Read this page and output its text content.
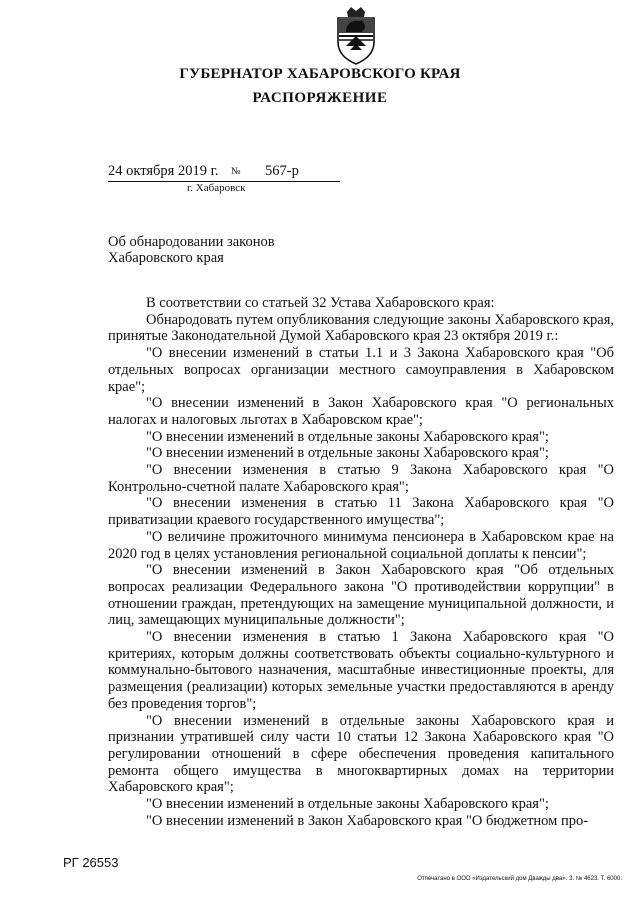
ГУБЕРНАТОР ХАБАРОВСКОГО КРАЯ
РАСПОРЯЖЕНИЕ
24 октября 2019 г. № 567-р
г. Хабаровск
Об обнародовании законов
Хабаровского края

В соответствии со статьей 32 Устава Хабаровского края:

Обнародовать путем опубликования следующие законы Хабаровского края, принятые Законодательной Думой Хабаровского края 23 октября 2019 г.:

"О внесении изменений в статьи 1.1 и 3 Закона Хабаровского края "Об отдельных вопросах организации местного самоуправления в Хабаровском крае";

"О внесении изменений в Закон Хабаровского края "О региональных налогах и налоговых льготах в Хабаровском крае";

"О внесении изменений в отдельные законы Хабаровского края";

"О внесении изменений в отдельные законы Хабаровского края";

"О внесении изменения в статью 9 Закона Хабаровского края "О Контрольно-счетной палате Хабаровского края";

"О внесении изменения в статью 11 Закона Хабаровского края "О приватизации краевого государственного имущества";

"О величине прожиточного минимума пенсионера в Хабаровском крае на 2020 год в целях установления региональной социальной доплаты к пенсии";

"О внесении изменений в Закон Хабаровского края "Об отдельных вопросах реализации Федерального закона "О противодействии коррупции" в отношении граждан, претендующих на замещение муниципальной должности, и лиц, замещающих муниципальные должности";

"О внесении изменения в статью 1 Закона Хабаровского края "О критериях, которым должны соответствовать объекты социально-культурного и коммунально-бытового назначения, масштабные инвестиционные проекты, для размещения (реализации) которых земельные участки предоставляются в аренду без проведения торгов";

"О внесении изменений в отдельные законы Хабаровского края и признании утратившей силу части 10 статьи 12 Закона Хабаровского края "О регулировании отношений в сфере обеспечения проведения капитального ремонта общего имущества в многоквартирных домах на территории Хабаровского края";

"О внесении изменений в отдельные законы Хабаровского края";

"О внесении изменений в Закон Хабаровского края "О бюджетном про-

РГ 26553
Отпечатано в ООО «Издательский дом Дважды два». З. № 4623. Т. 6000.
